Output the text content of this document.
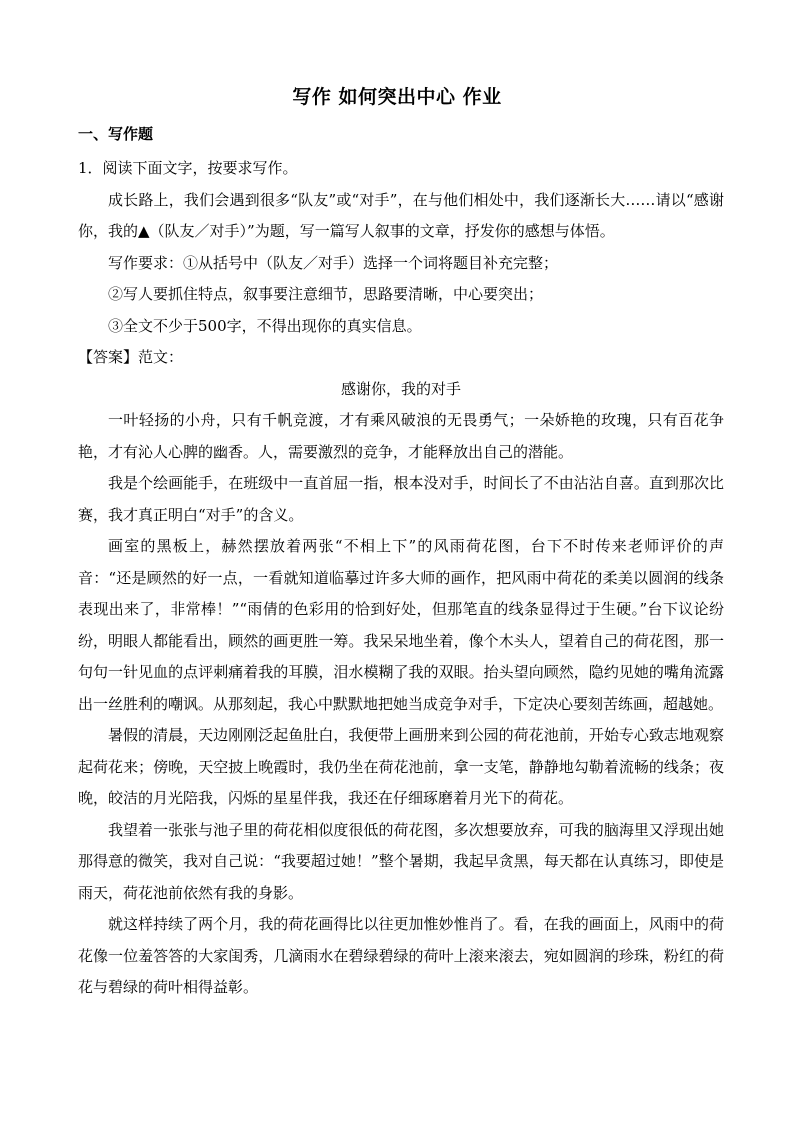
写作 如何突出中心 作业
一、写作题

1．阅读下面文字，按要求写作。

成长路上，我们会遇到很多“队友”或“对手”，在与他们相处中，我们逐渐长大……请以“感谢你，我的▲（队友／对手）”为题，写一篇写人叙事的文章，抒发你的感想与体悟。

写作要求：①从括号中（队友／对手）选择一个词将题目补充完整；

②写人要抓住特点，叙事要注意细节，思路要清晰，中心要突出；

③全文不少于500字，不得出现你的真实信息。

【答案】范文：

感谢你，我的对手

一叶轻扬的小舟，只有千帆竞渡，才有乘风破浪的无畏勇气；一朵娇艳的玫瑰，只有百花争艳，才有沁人心脾的幽香。人，需要激烈的竞争，才能释放出自己的潜能。

我是个绘画能手，在班级中一直首屈一指，根本没对手，时间长了不由沾沾自喜。直到那次比赛，我才真正明白“对手”的含义。

画室的黑板上，赫然摆放着两张“不相上下”的风雨荷花图，台下不时传来老师评价的声音：“还是顾然的好一点，一看就知道临摹过许多大师的画作，把风雨中荷花的柔美以圆润的线条表现出来了，非常棒！”“雨倩的色彩用的恰到好处，但那笔直的线条显得过于生硬。”台下议论纷纷，明眼人都能看出，顾然的画更胜一筹。我呆呆地坐着，像个木头人，望着自己的荷花图，那一句句一针见血的点评刺痛着我的耳膜，泪水模糊了我的双眼。抬头望向顾然，隐约见她的嘴角流露出一丝胜利的嘲讽。从那刻起，我心中默默地把她当成竞争对手，下定决心要刻苦练画，超越她。

暑假的清晨，天边刚刚泛起鱼肚白，我便带上画册来到公园的荷花池前，开始专心致志地观察起荷花来；傍晚，天空披上晚霞时，我仍坐在荷花池前，拿一支笔，静静地勾勒着流畅的线条；夜晚，皎洁的月光陪我，闪烁的星星伴我，我还在仔细琢磨着月光下的荷花。

我望着一张张与池子里的荷花相似度很低的荷花图，多次想要放弃，可我的脑海里又浮现出她那得意的微笑，我对自己说：“我要超过她！”整个暑期，我起早贪黑，每天都在认真练习，即使是雨天，荷花池前依然有我的身影。

就这样持续了两个月，我的荷花画得比以往更加惟妙惟肖了。看，在我的画面上，风雨中的荷花像一位羞答答的大家闺秀，几滴雨水在碧绿碧绿的荷叶上滚来滚去，宛如圆润的珍珠，粉红的荷花与碧绿的荷叶相得益彰。
